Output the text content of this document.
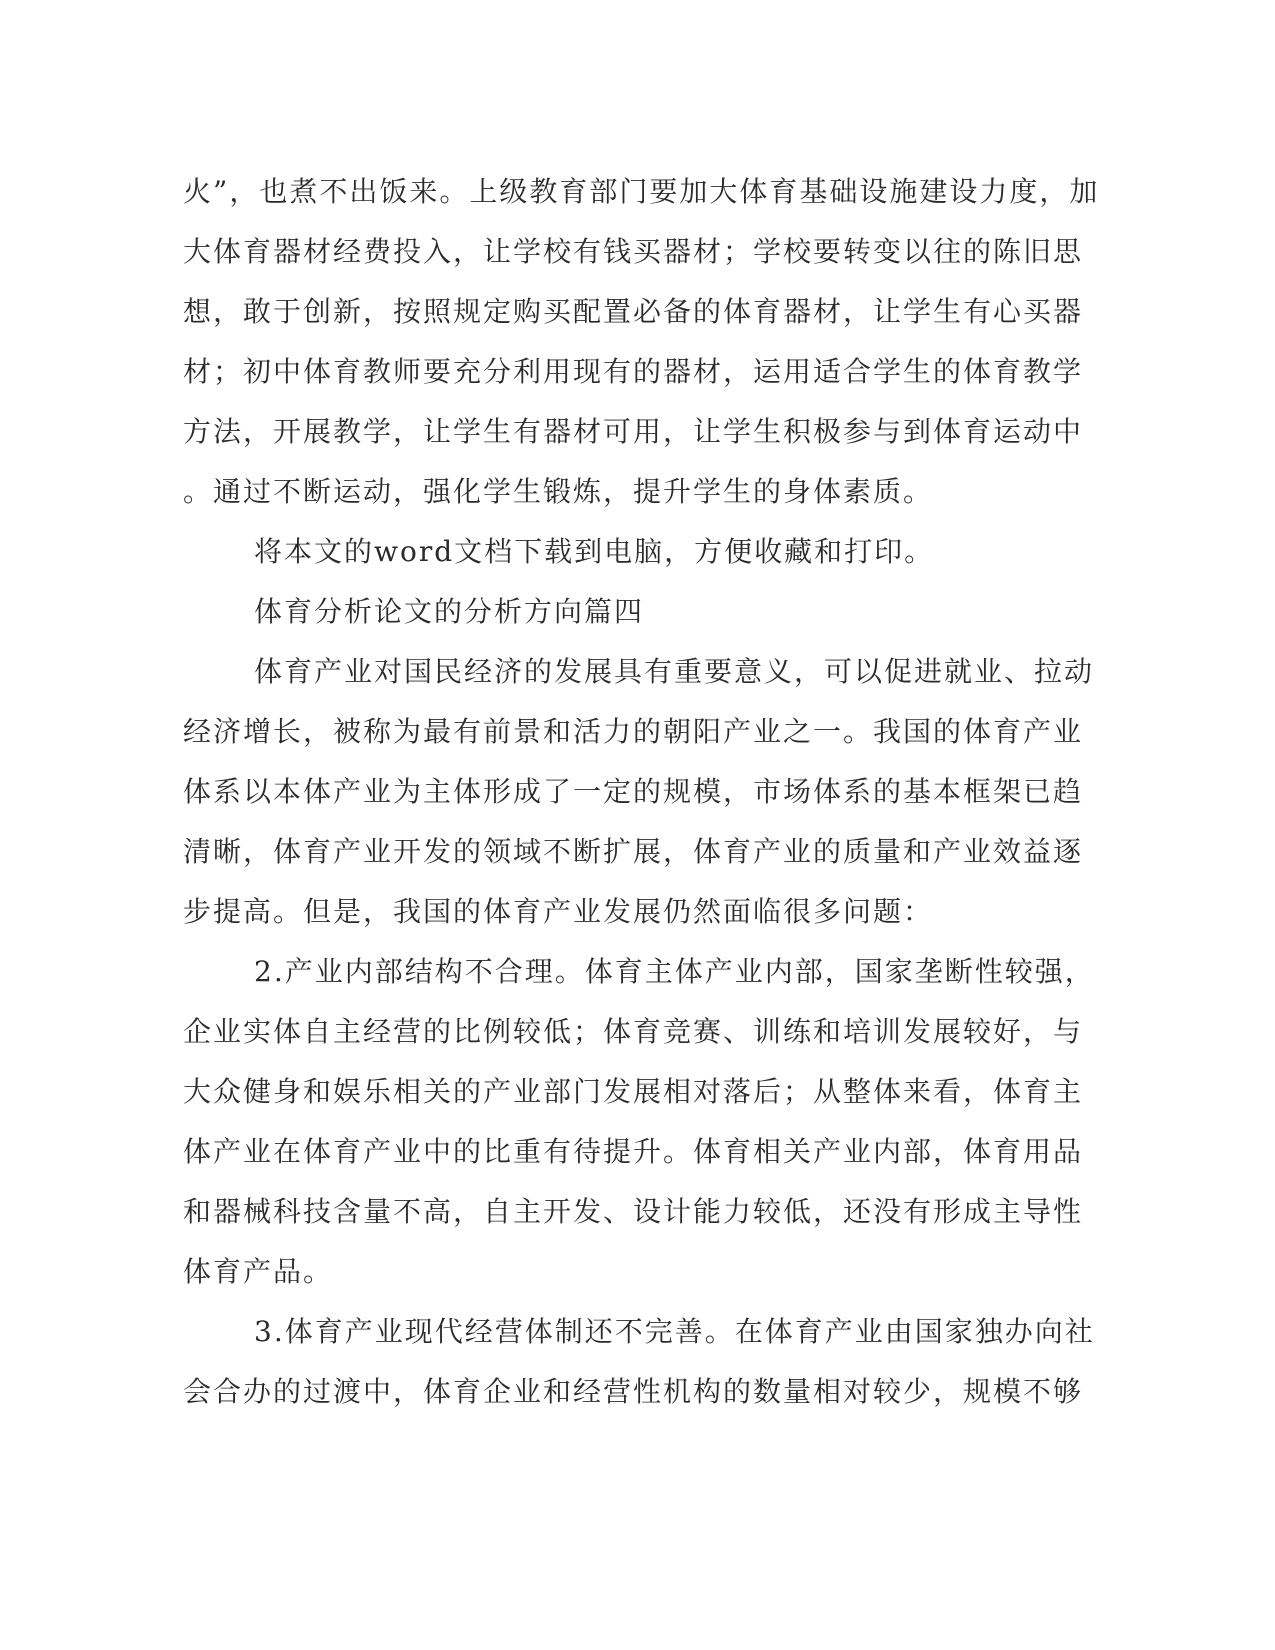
火”，也煮不出饭来。上级教育部门要加大体育基础设施建设力度，加
大体育器材经费投入，让学校有钱买器材；学校要转变以往的陈旧思
想，敢于创新，按照规定购买配置必备的体育器材，让学生有心买器
材；初中体育教师要充分利用现有的器材，运用适合学生的体育教学
方法，开展教学，让学生有器材可用，让学生积极参与到体育运动中
。通过不断运动，强化学生锻炼，提升学生的身体素质。
将本文的word文档下载到电脑，方便收藏和打印。
体育分析论文的分析方向篇四
体育产业对国民经济的发展具有重要意义，可以促进就业、拉动
经济增长，被称为最有前景和活力的朝阳产业之一。我国的体育产业
体系以本体产业为主体形成了一定的规模，市场体系的基本框架已趋
清晰，体育产业开发的领域不断扩展，体育产业的质量和产业效益逐
步提高。但是，我国的体育产业发展仍然面临很多问题：
2.产业内部结构不合理。体育主体产业内部，国家垄断性较强，
企业实体自主经营的比例较低；体育竞赛、训练和培训发展较好，与
大众健身和娱乐相关的产业部门发展相对落后；从整体来看，体育主
体产业在体育产业中的比重有待提升。体育相关产业内部，体育用品
和器械科技含量不高，自主开发、设计能力较低，还没有形成主导性
体育产品。
3.体育产业现代经营体制还不完善。在体育产业由国家独办向社
会合办的过渡中，体育企业和经营性机构的数量相对较少，规模不够
